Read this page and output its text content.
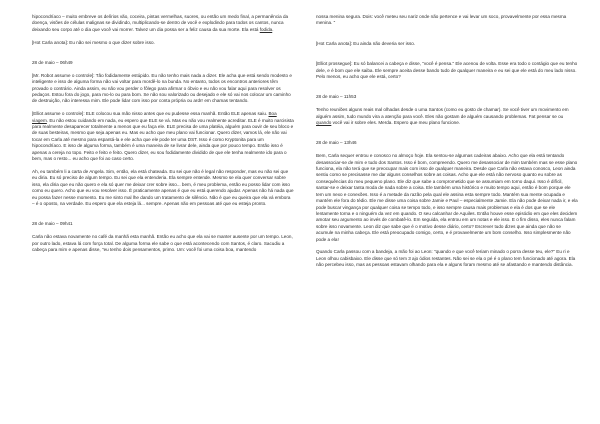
hipocondríaco – muito embreve os delírios vão, coceira, pintas vermelhas, suores, ou então um medo final, a permanência da doença, visões de células malignas se dividindo, multiplicando-se dentro de você e explodindo para todos os cantos, nunca deixando seu corpo até o dia que você vai morrer. Talvez um dia possa ser a feliz causa da sua morte. Ela está fodida.

[Hot Carla anota]: Eu não sei mesmo o que dizer sobre isso.

28 de maio – 06h49

[Mr. Robot assume o controle]: Tão fodidamente estúpido. Eu não tenho mais nada a dizer. Ele acha que está sendo modesto e inteligente e isso de alguma forma não vai voltar para mordê-lo na bunda. No entanto, todos os encontros anteriores têm provado o contrário. Ainda assim, eu não vou perder o fôlego para afirmar o óbvio e eu não vou falar aqui para resolver os pedaços. Estou fora do jogo, para mo-lo ou para bom. Se não sou valorizado ou desejado e ele só vai nos colocar um caminho de destruição, não interessa mim. Ele pode lidar com isso por conta própria ou ardrr em chamas tentando.

[Elliot assume o controle]: ELE colocou sua mão nisso antes que eu pudesse essa manhã. Então ELE apenas saiu. Boa viagem. Eu não estou cuidando em nada, eu espero que ELE se vá. Mas eu não vou realmente acreditar. ELE é muito narcisista para realmente desaparecer totalmente a menos que eu faça ele. ELE precisa de uma platéia, alguém para ouvir de seu bloco e de suas besteiras, mesmo que seja apenas eu. Mas eu acho que meu plano vai funcionar. Quero dizer, vamos lá, ele não vai tocar em Carla até mesmo para espantá-la e ele acha que ele pode ter uma DST. Isso é como Kryptonita para um hipocondríaco. E isso de alguma forma, também é uma maneira de se livrar dele, ainda que por pouco tempo. Então isso é apenas a cereja no topo. Feito e feito e feito. Quero dizer, eu sou fodidamente dividido de que ele tenha realmente ido para o bem, mas o resto... eu acho que foi ao caso certo.

Ah, eu também li a carta de Angela. Sim, então, ela está chateada. Eu sei que não é legal não responder, mas eu não sei que eu diria. Eu só preciso de algum tempo. Eu sei que ela entenderia. Ela sempre entende. Mesmo se ela quer conversar sobre isso, ela diria que eu não quero e ela só quer me deixar crer sobre isso... bem, é meu problema, então eu posso lidar com isso como eu quero. Acho que eu vou resolver isso. É praticamente apenas é que eu está querendo ajudar. Apenas não há nada que eu possa fazer nesse momento. Eu me sinto mal lhe dando um tratamento de silêncio. Não é que eu queira que ela vá embora – é o oposto, na verdade. Eu espero que ela esteja lá... sempre. Apenas não em pessoas até que eu esteja pronto.

28 de maio – 09h41

Carla não estava novamente no café da manhã esta manhã. Então eu acho que ela vai se manter ausente por um tempo. Leon, por outro lado, estava lá com força total. De alguma forma ele sabe o que está acontecendo com Santos, é claro. Sacudiu a cabeça para mim e apenas disse, "eu tenho dois pensamentos, primo. Um: você foi uma coisa boa, mantendo

nossa menina segura. Dois: você meteu seu nariz onde não pertence e vai levar um soco, provavelmente por essa mesma menina. "

[Hot Carla anota]: Eu ainda não deveria ser isso.

[Elliot prossegue]: Eu só balancei a cabeça e disse, "você é pensa." Ele acenou de volta. Esse era todo o contágio que eu tenho dele, e é bom que ele saiba. Ele sempre aceita desse bando tudo de qualquer maneira e eu sei que ele está do meu lado nisso. Pelo menos, eu acho que ele está, certo?

28 de maio – 11h53

Tenho reuniões alguns reais mal olhadas desde o uma Santos (como eu gosto de chamar). Se você tiver um movimento em alguém assim, tudo mundo vira a atenção para você. Eles não gostam de alguém causando problemas. Fat pensar se ou quando você vai ir sobre eles. Merda. Espero que meu plano funcione.

28 de maio – 13h46

Bem, Carla sequer entrou e conosco no almoço hoje. Ela sentou-se algumas cadeiras abaixo. Acho que ela está tentando desassociar-se de mim e tudo dos Santos. Isso é bom, compreendo. Quero me desassociar de mim também mas se esse plano funciona, ela não terá que se preocupar mais com isso de qualquer maneira. Desde que Carla não estava conosco, Leon ainda sentiu como se precisasse me dar alguns conselhos sobre as coisas. Acho que ele está não nervoso quanto eu sobre as consequências do meu pequeno plano. Ele diz que sabe a comprometido que se assumiam em torno daqui. Isso é difícil, santar-se e deixar tanta moda de nada sobre a coisa. Ele também uma histórico e muito tempo aqui, então é bom porque ele tem um nexo e conexões. Isso é a metade da razão pela qual ele assina esta sempre todo. Mantém sua mente ocupada e mantém ele fora do tédio. Ele me disse uma coisa sobre Jamie e Paul – especialmente Jamie. Ela não pode deixar nada ir, e ela pode buscar vingança por qualquer coisa se tempo todo, e isso sempre causa mais problemas e ela é dos que se ele lentamente torna e o ninguém da vez em quando. O seu calcanhar de Aquiles. Então houve esse episódio em que eles decidem amotar seu argumento ao invés de combatê-lo. Em seguida, ela entrou em um notas e ele isso. E o fim disso, eles nunca falam sobre isso novamente. Leon diz que sabe que é o motivo desse diário, certo? Escrever tudo dizes que ainda que não se acumule na minha cabeça. Ele está preocupado comigo, certo, e é provavelmente um bom conselho. Isso simplesmente não pode a ela!

Quando Carla passou com a bandeja, a mão foi ao Leon: "quando e que você teriam minado o porra desse teu, ele?" Eu ri e Leon olhou cabisbaixo. Ele disse que só tem 3 ajo ódios restantes. Não sei se ela o pé é o plano tem funcionado até agora. Ela não percebeu isso, mas as pessoas estavam olhando para ela e alguns foram mesmo até se afastando e mantendo distância.
